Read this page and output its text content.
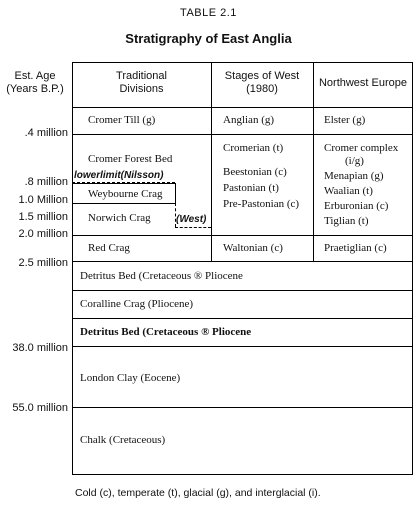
TABLE 2.1
Stratigraphy of East Anglia
Est. Age
(Years B.P.)
Traditional
Divisions
Stages of West
(1980)	Northwest Europe
.4 million
.8 million
1.0 Million
1.5 million
2.0 million
2.5 million
38.0 million
55.0 million
Cromer Till (g)
Cromer Forest Bed
lowerlimit(Nilsson)
Weybourne Crag
Norwich Crag	(West)
Red Crag
Detritus Bed (Cretaceous ® Pliocene
Coralline Crag (Pliocene)
Detritus Bed (Cretaceous ® Pliocene
London Clay (Eocene)
Chalk (Cretaceous)
Anglian (g)
Cromerian (t)
Beestonian (c)
Pastonian (t)
Pre-Pastonian (c)
Waltonian (c)
Elster (g)
Cromer complex
(i/g)
Menapian (g)
Waalian (t)
Erburonian (c)
Tiglian (t)
Praetiglian (c)
Cold (c), temperate (t), glacial (g), and interglacial (i).
